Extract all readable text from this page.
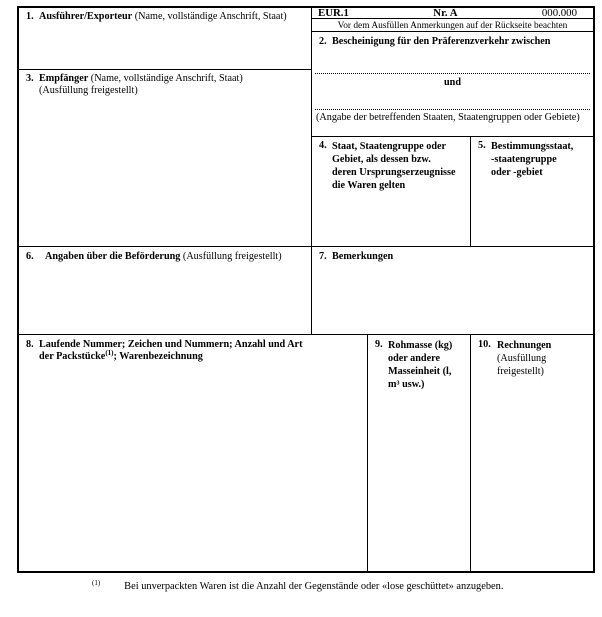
1. Ausführer/Exporteur (Name, vollständige Anschrift, Staat)
3. Empfänger (Name, vollständige Anschrift, Staat)
(Ausfüllung freigestellt)
EUR.1	Nr. A	000.000
Vor dem Ausfüllen Anmerkungen auf der Rückseite beachten
2. Bescheinigung für den Präferenzverkehr zwischen
und
(Angabe der betreffenden Staaten, Staatengruppen oder Gebiete)
4. Staat, Staatengruppe oder
Gebiet, als dessen bzw.
deren Ursprungserzeugnisse
die Waren gelten
5. Bestimmungsstaat,
-staatengruppe
oder -gebiet
6.	Angaben über die Beförderung (Ausfüllung freigestellt)	7. Bemerkungen
8. Laufende Nummer; Zeichen und Nummern; Anzahl und Art
der Packstücke$^{(1)}$; Warenbezeichnung
9. Rohmasse (kg)
oder andere
Masseinheit (l,
m³ usw.)
10. Rechnungen
(Ausfüllung
freigestellt)
$^{(1)}$ Bei unverpackten Waren ist die Anzahl der Gegenstände oder «lose geschüttet» anzugeben.
